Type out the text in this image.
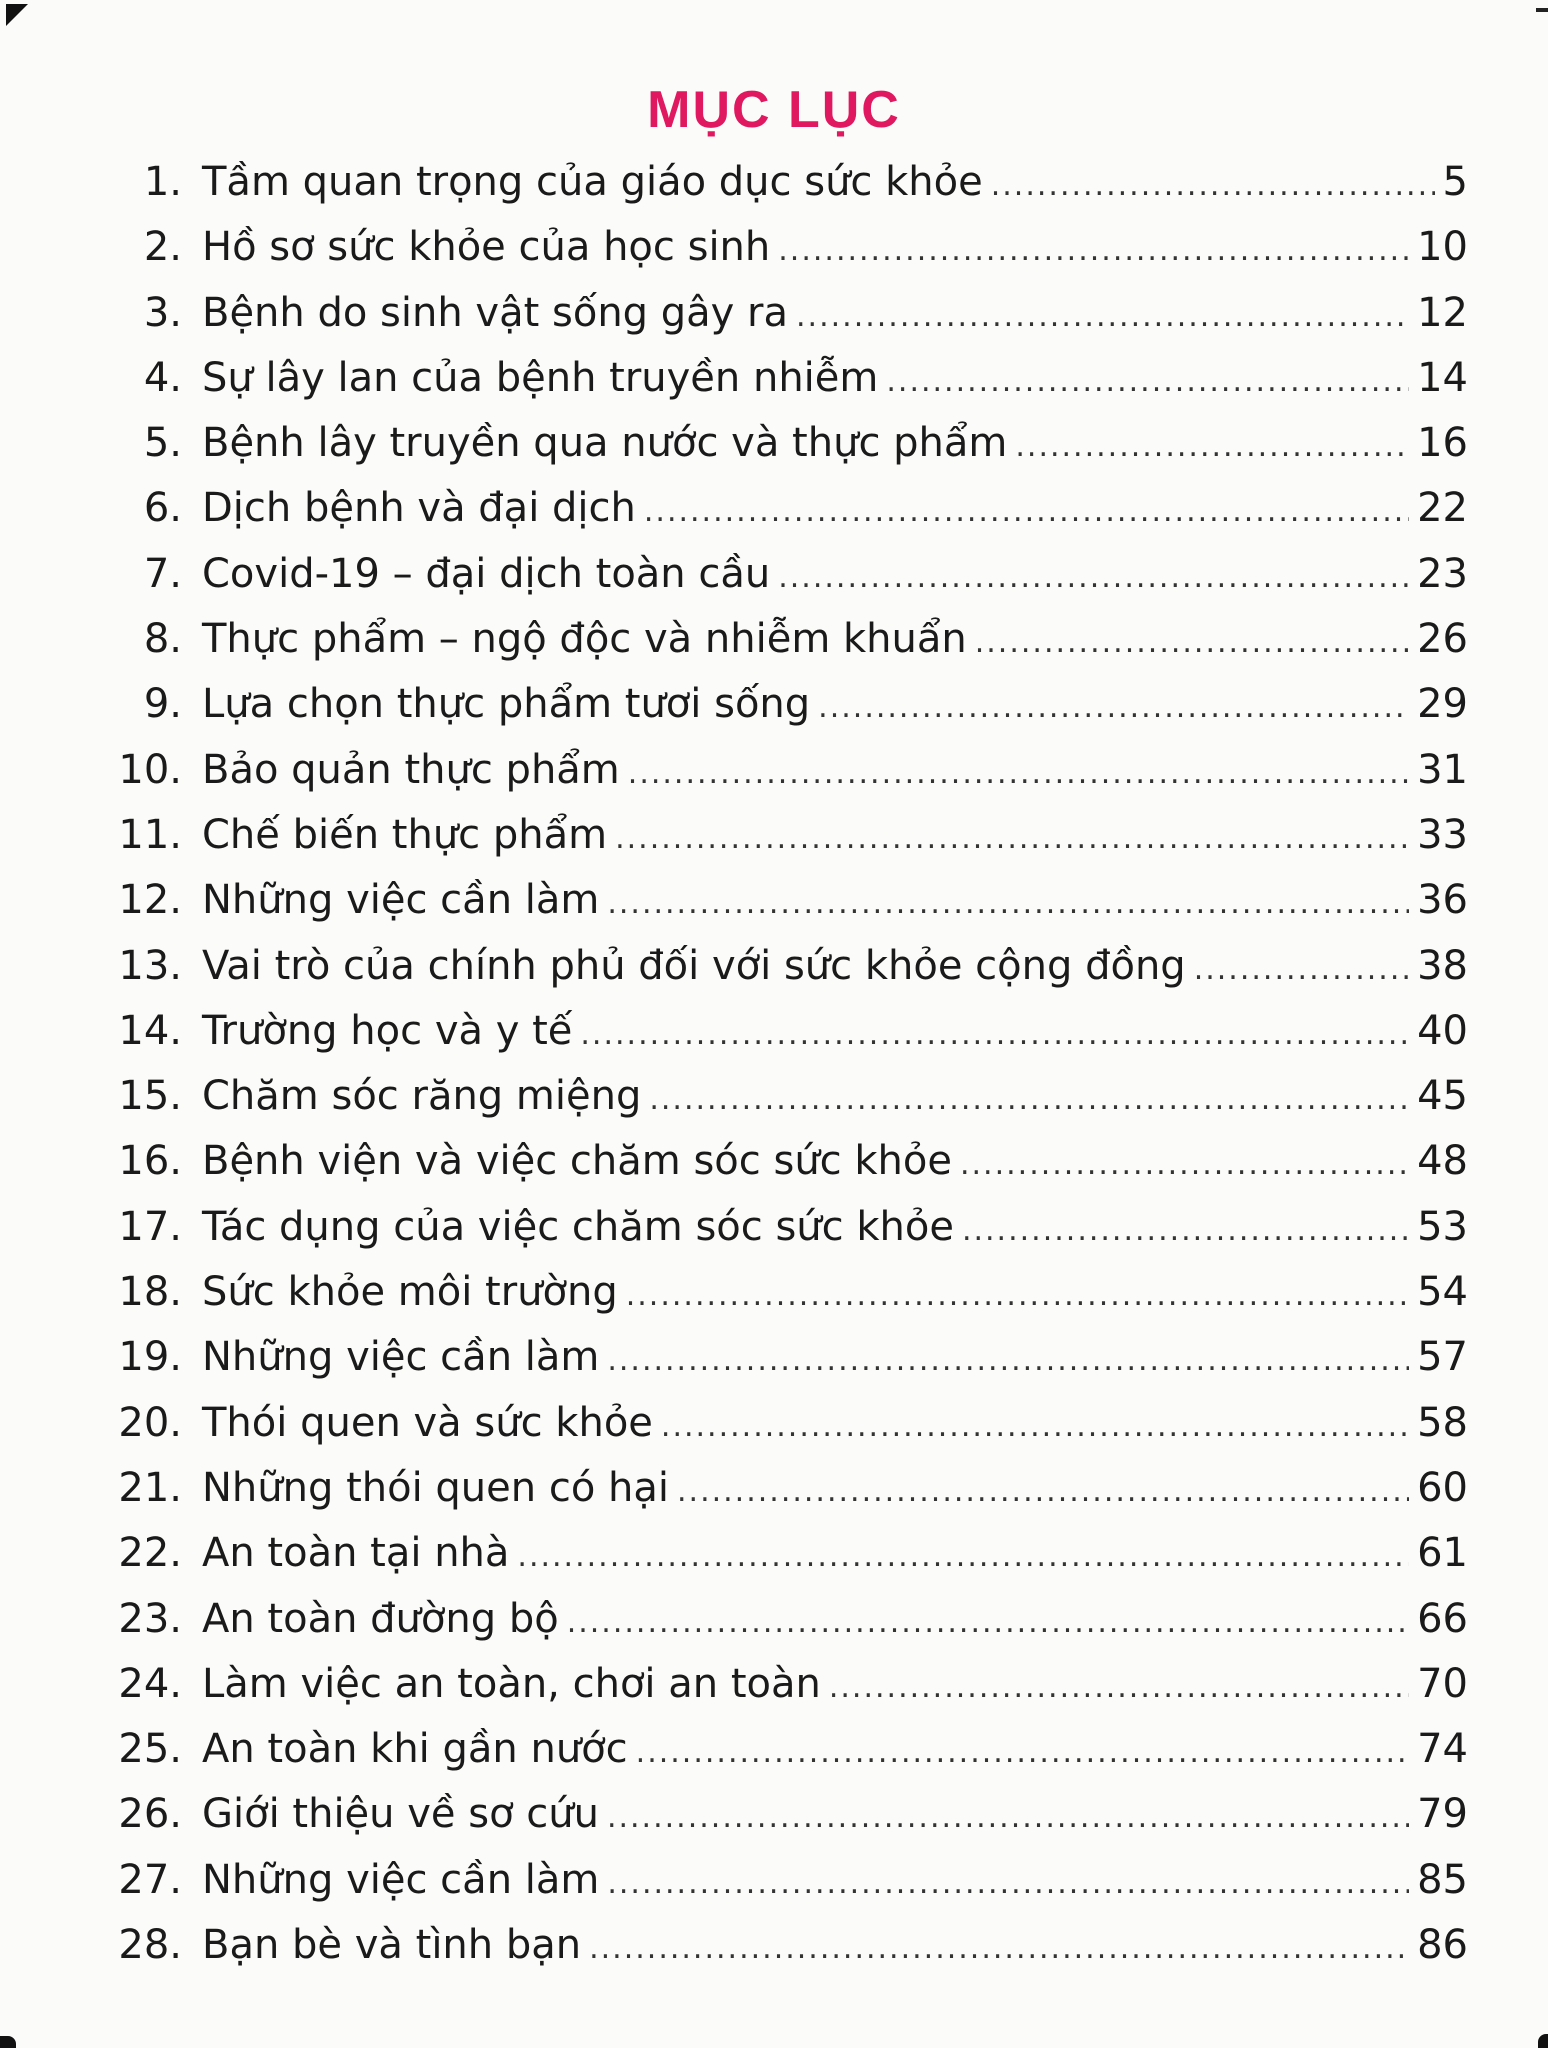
MỤC LỤC
1. Tầm quan trọng của giáo dục sức khỏe .....	5
2. Hồ sơ sức khỏe của học sinh .....	10
3. Bệnh do sinh vật sống gây ra .....	12
4. Sự lây lan của bệnh truyền nhiễm .....	14
5. Bệnh lây truyền qua nước và thực phẩm .....	16
6. Dịch bệnh và đại dịch .....	22
7. Covid-19 – đại dịch toàn cầu .....	23
8. Thực phẩm – ngộ độc và nhiễm khuẩn .....	26
9. Lựa chọn thực phẩm tươi sống .....	29
10. Bảo quản thực phẩm .....	31
11. Chế biến thực phẩm .....	33
12. Những việc cần làm .....	36
13. Vai trò của chính phủ đối với sức khỏe cộng đồng .....	38
14. Trường học và y tế .....	40
15. Chăm sóc răng miệng .....	45
16. Bệnh viện và việc chăm sóc sức khỏe .....	48
17. Tác dụng của việc chăm sóc sức khỏe .....	53
18. Sức khỏe môi trường .....	54
19. Những việc cần làm .....	57
20. Thói quen và sức khỏe .....	58
21. Những thói quen có hại .....	60
22. An toàn tại nhà .....	61
23. An toàn đường bộ .....	66
24. Làm việc an toàn, chơi an toàn .....	70
25. An toàn khi gần nước .....	74
26. Giới thiệu về sơ cứu .....	79
27. Những việc cần làm .....	85
28. Bạn bè và tình bạn .....	86
